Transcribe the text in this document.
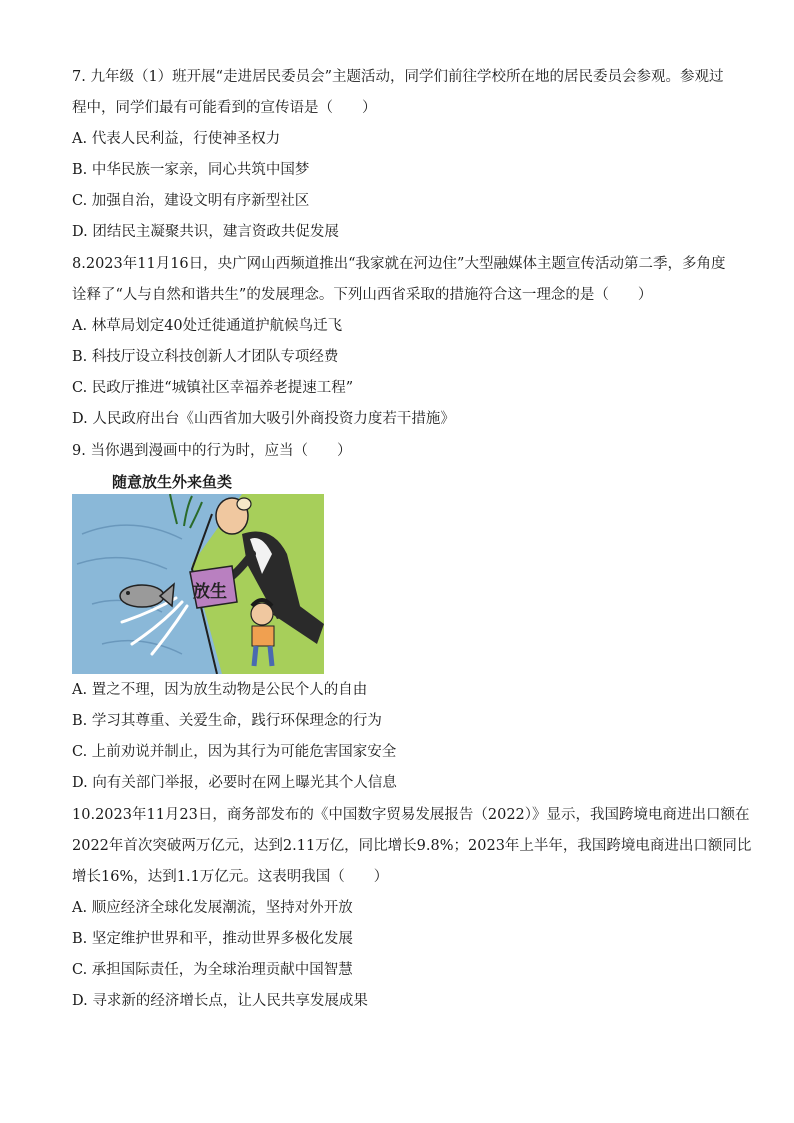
7. 九年级（1）班开展“走进居民委员会”主题活动，同学们前往学校所在地的居民委员会参观。参观过
程中，同学们最有可能看到的宣传语是（　　）
A. 代表人民利益，行使神圣权力
B. 中华民族一家亲，同心共筑中国梦
C. 加强自治，建设文明有序新型社区
D. 团结民主凝聚共识，建言资政共促发展
8.2023年11月16日，央广网山西频道推出“我家就在河边住”大型融媒体主题宣传活动第二季，多角度
诠释了“人与自然和谐共生”的发展理念。下列山西省采取的措施符合这一理念的是（　　）
A. 林草局划定40处迁徙通道护航候鸟迁飞
B. 科技厅设立科技创新人才团队专项经费
C. 民政厅推进“城镇社区幸福养老提速工程”
D. 人民政府出台《山西省加大吸引外商投资力度若干措施》
9. 当你遇到漫画中的行为时，应当（　　）
随意放生外来鱼类
放生
A. 置之不理，因为放生动物是公民个人的自由
B. 学习其尊重、关爱生命，践行环保理念的行为
C. 上前劝说并制止，因为其行为可能危害国家安全
D. 向有关部门举报，必要时在网上曝光其个人信息
10.2023年11月23日，商务部发布的《中国数字贸易发展报告（2022）》显示，我国跨境电商进出口额在
2022年首次突破两万亿元，达到2.11万亿，同比增长9.8%；2023年上半年，我国跨境电商进出口额同比
增长16%，达到1.1万亿元。这表明我国（　　）
A. 顺应经济全球化发展潮流，坚持对外开放
B. 坚定维护世界和平，推动世界多极化发展
C. 承担国际责任，为全球治理贡献中国智慧
D. 寻求新的经济增长点，让人民共享发展成果
